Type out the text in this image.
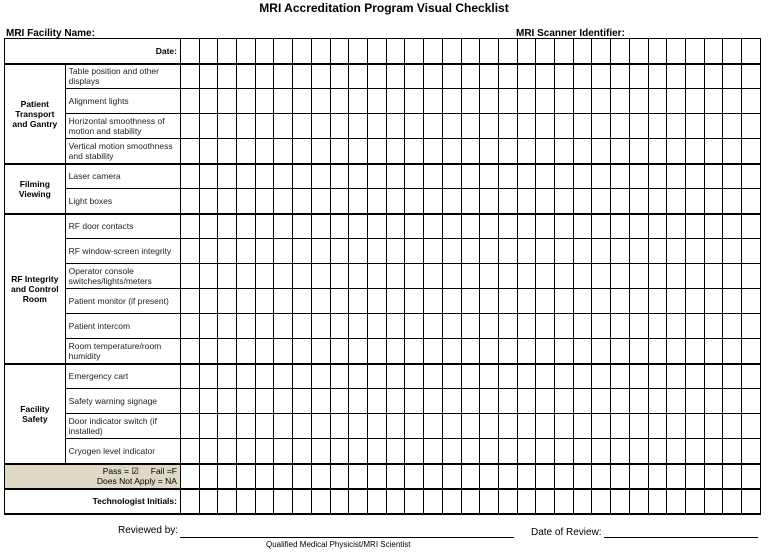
MRI Accreditation Program Visual Checklist
MRI Facility Name:	MRI Scanner Identifier:
Date:																																
Patient Transport and Gantry	Table position and other displays																															
	Alignment lights																															
	Horizontal smoothness of motion and stability																															
	Vertical motion smoothness and stability																															
Filming Viewing	Laser camera																															
	Light boxes																															
RF Integrity and Control Room	RF door contacts																															
	RF window-screen integrity																															
	Operator console switches/lights/meters																															
	Patient monitor (if present)																															
	Patient intercom																															
	Room temperature/room humidity																															
Facility Safety	Emergency cart																															
	Safety warning signage																															
	Door indicator switch (if installed)																															
	Cryogen level indicator																															

Pass = ☑ Fail =F
Does Not Apply = NA																																

Technologist Initials:																																
Reviewed by:
Qualified Medical Physicist/MRI Scientist
Date of Review:
